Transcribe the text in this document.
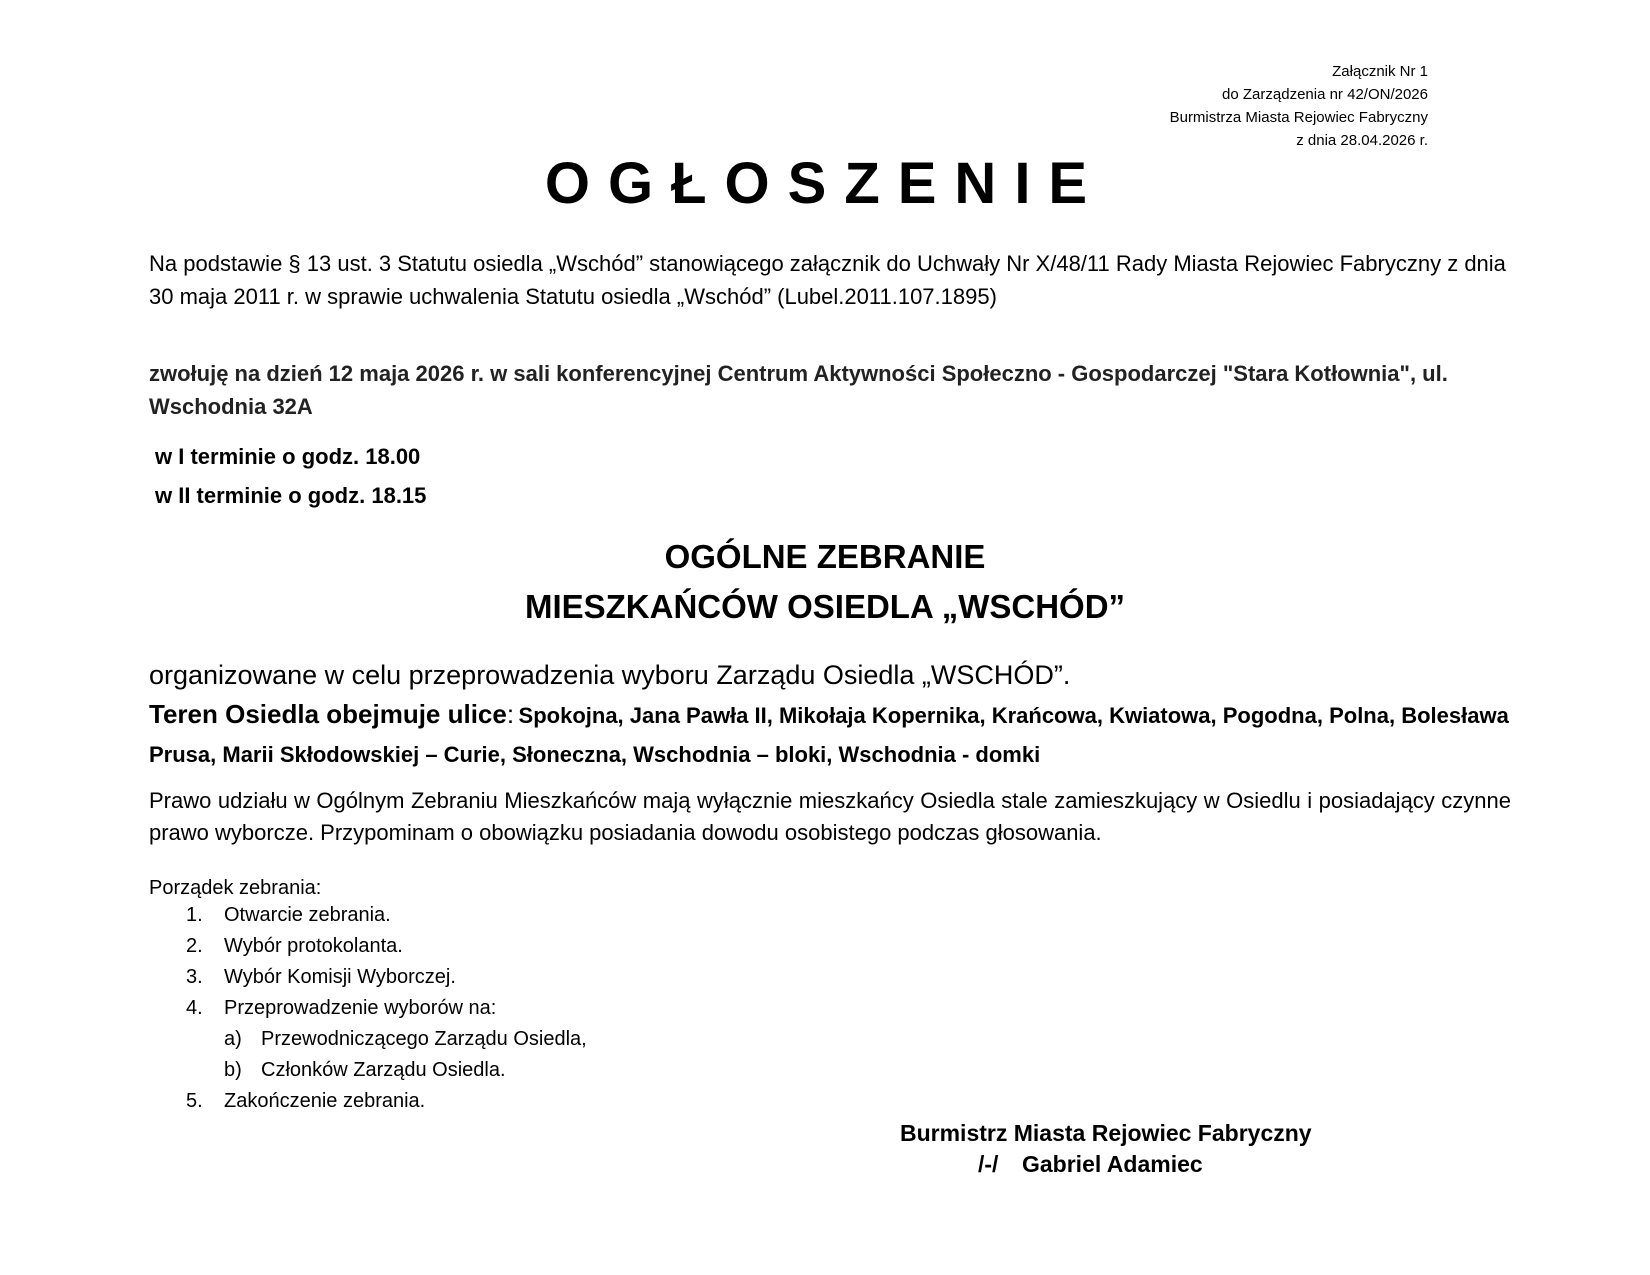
Załącznik Nr 1
do Zarządzenia nr 42/ON/2026
Burmistrza Miasta Rejowiec Fabryczny
z dnia 28.04.2026 r.
OGŁOSZENIE
Na podstawie § 13 ust. 3 Statutu osiedla „Wschód” stanowiącego załącznik do Uchwały Nr X/48/11 Rady Miasta Rejowiec Fabryczny z dnia 30 maja 2011 r. w sprawie uchwalenia Statutu osiedla „Wschód” (Lubel.2011.107.1895)
zwołuję na dzień 12 maja 2026 r. w sali konferencyjnej Centrum Aktywności Społeczno - Gospodarczej "Stara Kotłownia", ul. Wschodnia 32A
w I terminie o godz. 18.00
w II terminie o godz. 18.15
OGÓLNE ZEBRANIE
MIESZKAŃCÓW OSIEDLA „WSCHÓD”
organizowane w celu przeprowadzenia wyboru Zarządu Osiedla „WSCHÓD”.
Teren Osiedla obejmuje ulice: Spokojna, Jana Pawła II, Mikołaja Kopernika, Krańcowa, Kwiatowa, Pogodna, Polna, Bolesława Prusa, Marii Skłodowskiej – Curie, Słoneczna, Wschodnia – bloki, Wschodnia - domki
Prawo udziału w Ogólnym Zebraniu Mieszkańców mają wyłącznie mieszkańcy Osiedla stale zamieszkujący w Osiedlu i posiadający czynne prawo wyborcze. Przypominam o obowiązku posiadania dowodu osobistego podczas głosowania.
Porządek zebrania:
1.	Otwarcie zebrania.
2.	Wybór protokolanta.
3.	Wybór Komisji Wyborczej.
4.	Przeprowadzenie wyborów na:
a) Przewodniczącego Zarządu Osiedla,
b) Członków Zarządu Osiedla.
5.	Zakończenie zebrania.
Burmistrz Miasta Rejowiec Fabryczny
/-/ Gabriel Adamiec
